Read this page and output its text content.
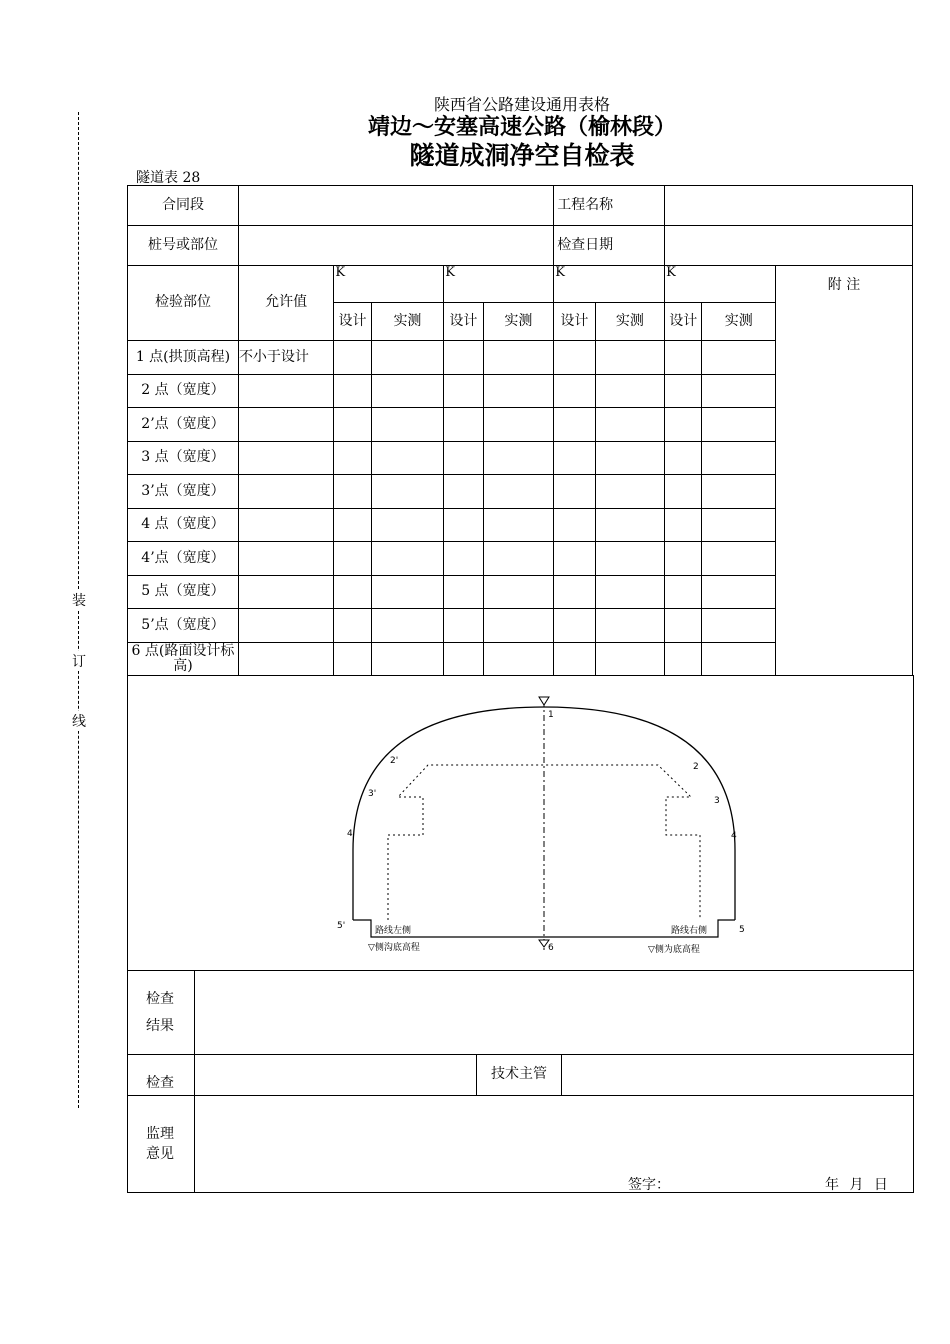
装
订
线
陕西省公路建设通用表格
靖边～安塞高速公路（榆林段）
隧道成洞净空自检表
隧道表 28
合同段						工程名称				
桩号或部位						检查日期				
检验部位	允许值	K		K		K		K		附 注
		设计	实测	设计	实测	设计	实测	设计	实测	
1 点(拱顶高程)	不小于设计									
2 点（宽度）										
2’点（宽度）										
3 点（宽度）										
3’点（宽度）										
4 点（宽度）										
4’点（宽度）										
5 点（宽度）										
5’点（宽度）										
6 点(路面设计标高)										
1
2'
2
3'
3
4'	4
5'	5
6
路线左侧	路线右侧
▽侧沟底高程	▽侧为底高程
检查
结果			
检查		技术主管	
监理
意见			
签字：	年 月 日
